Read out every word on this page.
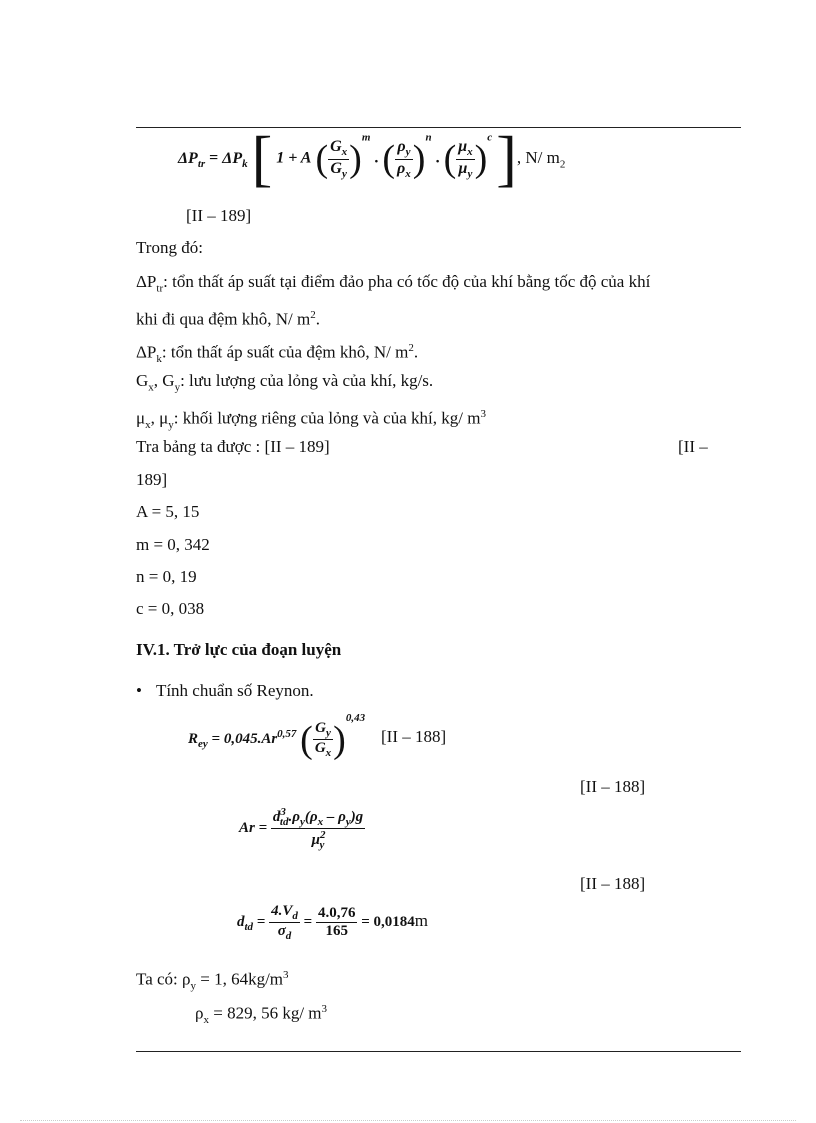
$\Delta P_{tr} = \Delta P_k$ [ 1 + A ( $\frac{G_x}{G_y} )^m$ . ( $\frac{\rho_y}{\rho_x} )^n$ . ( $\frac{\mu_x}{\mu_y} )^c$ ], N/ $m_2$
[II – 189]
Trong đó:
$\Delta P_{tr}$: tổn thất áp suất tại điểm đảo pha có tốc độ của khí bằng tốc độ của khí
khi đi qua đệm khô, N/ $m^2$.
$\Delta P_k$: tổn thất áp suất của đệm khô, N/ $m^2$.
$G_x$, $G_y$: lưu lượng của lỏng và của khí, kg/s.
$\mu_x$, $\mu_y$: khối lượng riêng của lỏng và của khí, kg/ $m^3$
Tra bảng ta được : [II – 189]	[II –
189]
A = 5, 15
m = 0, 342
n = 0, 19
c = 0, 038
IV.1. Trở lực của đoạn luyện
• Tính chuẩn số Reynon.
$R_{ey} = 0,045.Ar^{0,57}$ ( $\frac{G_y}{G_x} )^{0,43}$
[II – 188]
[II – 188]
$Ar = \frac{d^3_{td}.\rho_y(\rho_x - \rho_y)g}{\mu^2_y}$
[II – 188]
$d_{td} = \frac{4.V_d}{\sigma_d} = \frac{4.0,76}{165} = 0,0184m$
Ta có: $\rho_y = 1$, $64kg/m^3$
$\rho_x = 829$, 56 kg/ $m^3$
